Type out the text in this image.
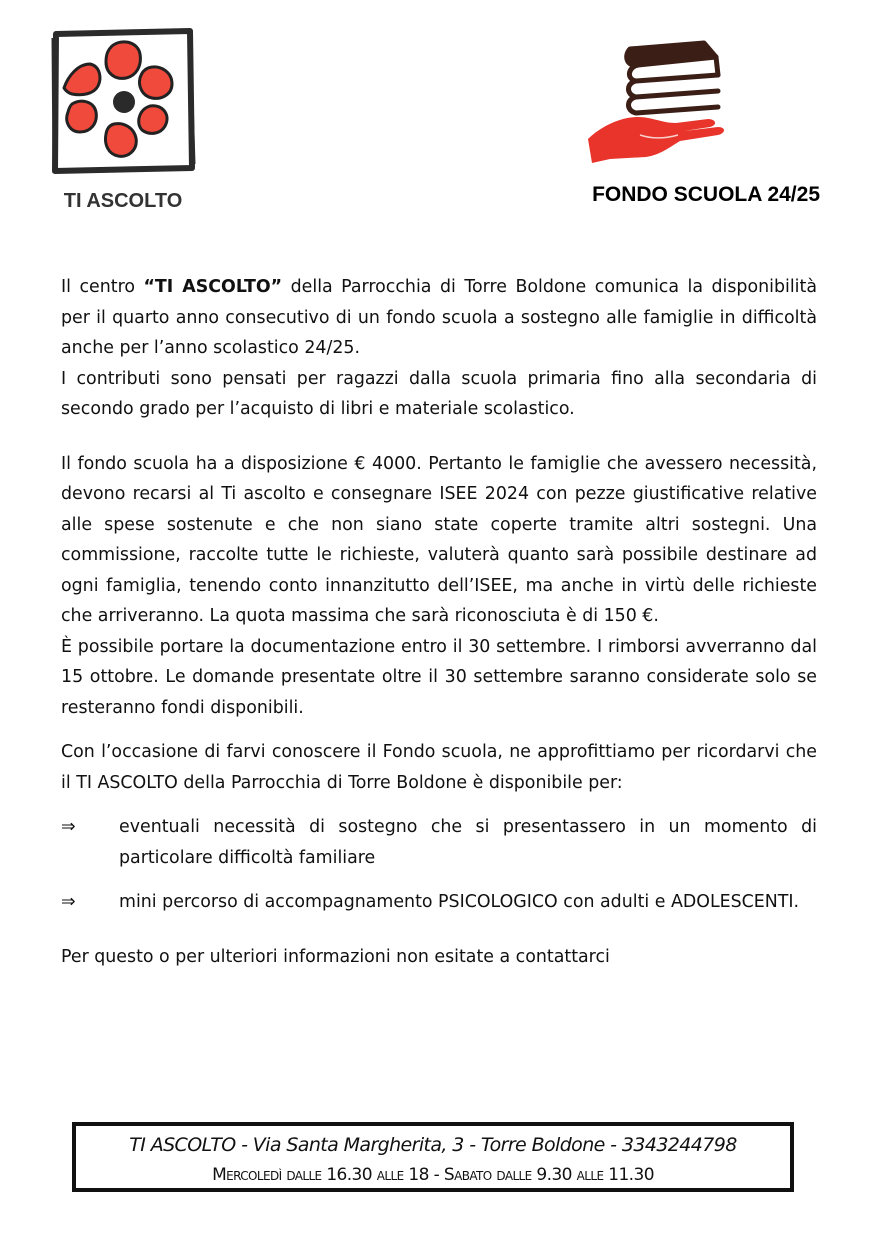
TI ASCOLTO	FONDO SCUOLA 24/25

Il centro “TI ASCOLTO” della Parrocchia di Torre Boldone comunica la disponibilità per il quarto anno consecutivo di un fondo scuola a sostegno alle famiglie in difficoltà anche per l’anno scolastico 24/25.

I contributi sono pensati per ragazzi dalla scuola primaria fino alla secondaria di secondo grado per l’acquisto di libri e materiale scolastico.

Il fondo scuola ha a disposizione € 4000. Pertanto le famiglie che avessero necessità, devono recarsi al Ti ascolto e consegnare ISEE 2024 con pezze giustificative relative alle spese sostenute e che non siano state coperte tramite altri sostegni. Una commissione, raccolte tutte le richieste, valuterà quanto sarà possibile destinare ad ogni famiglia, tenendo conto innanzitutto dell’ISEE, ma anche in virtù delle richieste che arriveranno. La quota massima che sarà riconosciuta è di 150 €.

È possibile portare la documentazione entro il 30 settembre. I rimborsi avverranno dal 15 ottobre. Le domande presentate oltre il 30 settembre saranno considerate solo se resteranno fondi disponibili.

Con l’occasione di farvi conoscere il Fondo scuola, ne approfittiamo per ricordarvi che il TI ASCOLTO della Parrocchia di Torre Boldone è disponibile per:

⇒	eventuali necessità di sostegno che si presentassero in un momento di particolare difficoltà familiare
⇒	mini percorso di accompagnamento PSICOLOGICO con adulti e ADOLESCENTI.

Per questo o per ulteriori informazioni non esitate a contattarci

TI ASCOLTO - Via Santa Margherita, 3 - Torre Boldone - 3343244798
Mercoledì dalle 16.30 alle 18 - Sabato dalle 9.30 alle 11.30
